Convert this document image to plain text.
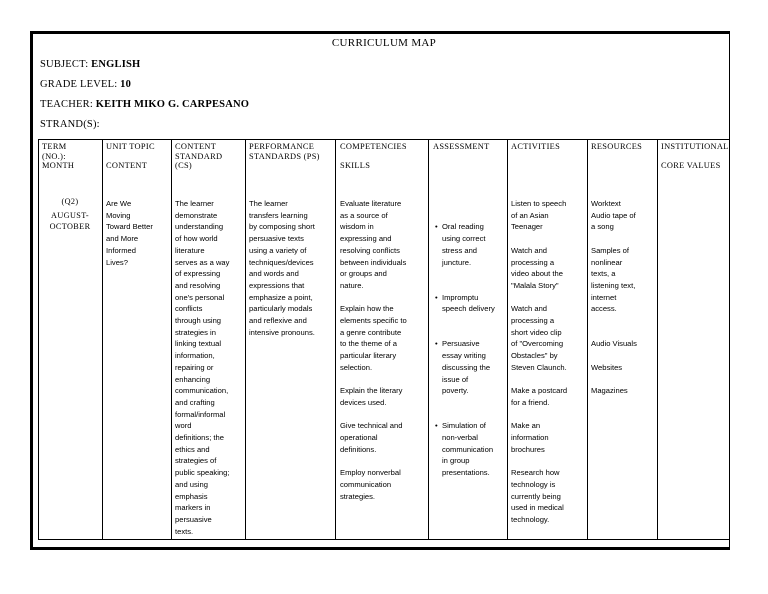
CURRICULUM MAP
SUBJECT: ENGLISH
GRADE LEVEL: 10
TEACHER: KEITH MIKO G. CARPESANO
STRAND(S):
TERM
(NO.):
MONTH
UNIT TOPIC

CONTENT
CONTENT
STANDARD
(CS)
PERFORMANCE
STANDARDS (PS)
COMPETENCIES

SKILLS
ASSESSMENT	ACTIVITIES	RESOURCES INSTITUTIONAL

CORE VALUES
(Q2)
AUGUST-
OCTOBER
Are We
Moving
Toward Better
and More
Informed
Lives?
The learner
demonstrate
understanding
of how world
literature
serves as a way
of expressing
and resolving
one's personal
conflicts
through using
strategies in
linking textual
information,
repairing or
enhancing
communication,
and crafting
formal/informal
word
definitions; the
ethics and
strategies of
public speaking;
and using
emphasis
markers in
persuasive
texts.
The learner
transfers learning
by composing short
persuasive texts
using a variety of
techniques/devices
and words and
expressions that
emphasize a point,
particularly modals
and reflexive and
intensive pronouns.
Evaluate literature
as a source of
wisdom in
expressing and
resolving conflicts
between individuals
or groups and
nature.

Explain how the
elements specific to
a genre contribute
to the theme of a
particular literary
selection.

Explain the literary
devices used.

Give technical and
operational
definitions.

Employ nonverbal
communication
strategies.

• Oral reading
using correct
stress and
juncture.

• Impromptu
speech delivery

• Persuasive
essay writing
discussing the
issue of
poverty.

• Simulation of
non-verbal
communication
in group
presentations.

Listen to speech
of an Asian
Teenager

Watch and
processing a
video about the
"Malala Story"

Watch and
processing a
short video clip
of "Overcoming
Obstacles" by
Steven Claunch.

Make a postcard
for a friend.

Make an
information
brochures

Research how
technology is
currently being
used in medical
technology.
Worktext
Audio tape of
a song

Samples of
nonlinear
texts, a
listening text,
internet
access.

Audio Visuals

Websites

Magazines
